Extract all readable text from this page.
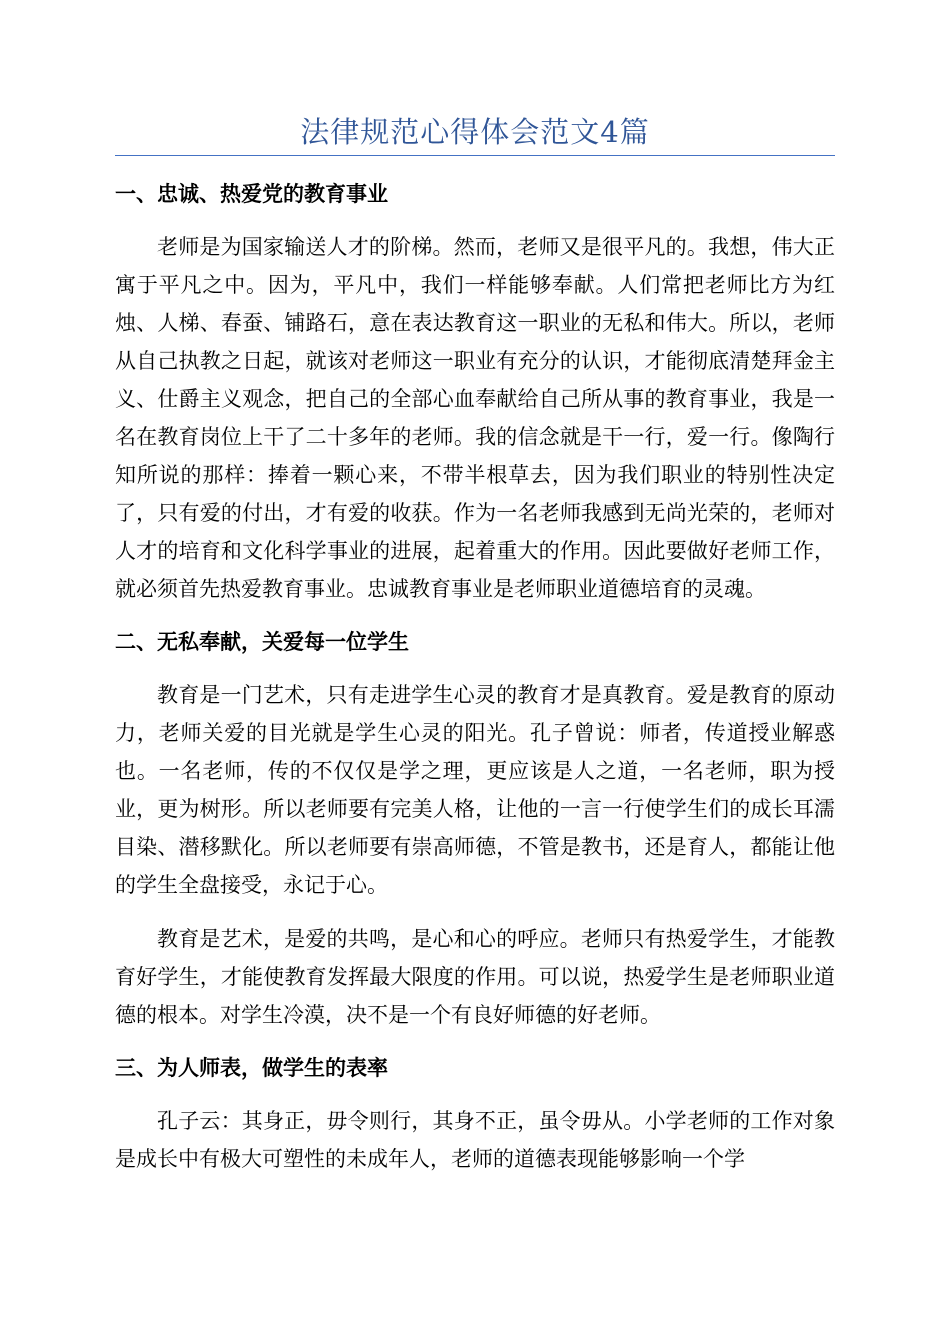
法律规范心得体会范文4篇
一、忠诚、热爱党的教育事业

老师是为国家输送人才的阶梯。然而，老师又是很平凡的。我想，伟大正寓于平凡之中。因为，平凡中，我们一样能够奉献。人们常把老师比方为红烛、人梯、春蚕、铺路石，意在表达教育这一职业的无私和伟大。所以，老师从自己执教之日起，就该对老师这一职业有充分的认识，才能彻底清楚拜金主义、仕爵主义观念，把自己的全部心血奉献给自己所从事的教育事业，我是一名在教育岗位上干了二十多年的老师。我的信念就是干一行，爱一行。像陶行知所说的那样：捧着一颗心来，不带半根草去，因为我们职业的特别性决定了，只有爱的付出，才有爱的收获。作为一名老师我感到无尚光荣的，老师对人才的培育和文化科学事业的进展，起着重大的作用。因此要做好老师工作，就必须首先热爱教育事业。忠诚教育事业是老师职业道德培育的灵魂。

二、无私奉献，关爱每一位学生

教育是一门艺术，只有走进学生心灵的教育才是真教育。爱是教育的原动力，老师关爱的目光就是学生心灵的阳光。孔子曾说：师者，传道授业解惑也。一名老师，传的不仅仅是学之理，更应该是人之道，一名老师，职为授业，更为树形。所以老师要有完美人格，让他的一言一行使学生们的成长耳濡目染、潜移默化。所以老师要有崇高师德，不管是教书，还是育人，都能让他的学生全盘接受，永记于心。

教育是艺术，是爱的共鸣，是心和心的呼应。老师只有热爱学生，才能教育好学生，才能使教育发挥最大限度的作用。可以说，热爱学生是老师职业道德的根本。对学生冷漠，决不是一个有良好师德的好老师。

三、为人师表，做学生的表率

孔子云：其身正，毋令则行，其身不正，虽令毋从。小学老师的工作对象是成长中有极大可塑性的未成年人，老师的道德表现能够影响一个学
